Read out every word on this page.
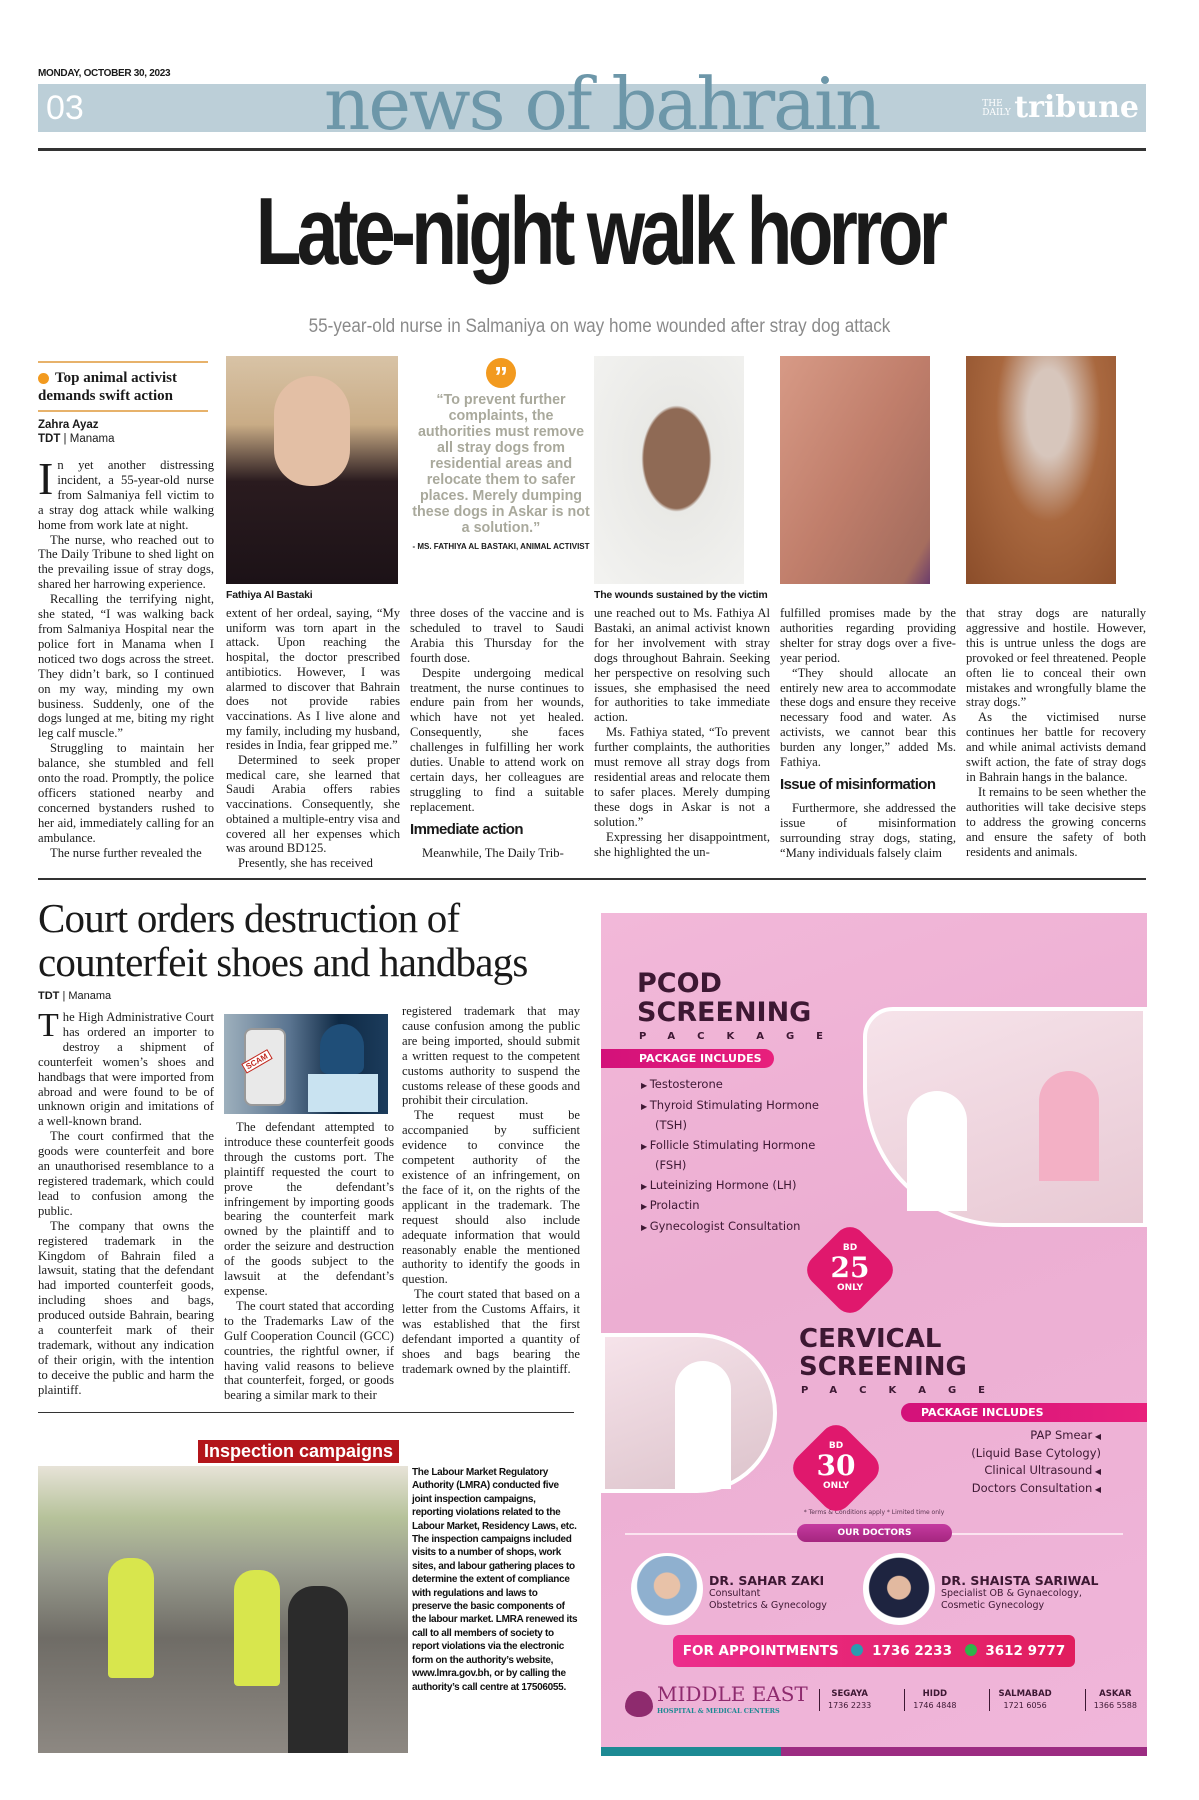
MONDAY, OCTOBER 30, 2023
03	news of bahrain	THE DAILY tribune
Late-night walk horror
55-year-old nurse in Salmaniya on way home wounded after stray dog attack
Top animal activist demands swift action
Zahra Ayaz
TDT | Manama

In yet another distressing incident, a 55-year-old nurse from Salmaniya fell victim to a stray dog attack while walking home from work late at night.

The nurse, who reached out to The Daily Tribune to shed light on the prevailing issue of stray dogs, shared her harrowing experience.

Recalling the terrifying night, she stated, “I was walking back from Salmaniya Hospital near the police fort in Manama when I noticed two dogs across the street. They didn’t bark, so I continued on my way, minding my own business. Suddenly, one of the dogs lunged at me, biting my right leg calf muscle.”

Struggling to maintain her balance, she stumbled and fell onto the road. Promptly, the police officers stationed nearby and concerned bystanders rushed to her aid, immediately calling for an ambulance.

The nurse further revealed the

Fathiya Al Bastaki

extent of her ordeal, saying, “My uniform was torn apart in the attack. Upon reaching the hospital, the doctor prescribed antibiotics. However, I was alarmed to discover that Bahrain does not provide rabies vaccinations. As I live alone and my family, including my husband, resides in India, fear gripped me.”

Determined to seek proper medical care, she learned that Saudi Arabia offers rabies vaccinations. Consequently, she obtained a multiple-entry visa and covered all her expenses which was around BD125.

Presently, she has received

”
“To prevent further complaints, the authorities must remove all stray dogs from residential areas and relocate them to safer places. Merely dumping these dogs in Askar is not a solution.”
- MS. FATHIYA AL BASTAKI, ANIMAL ACTIVIST

three doses of the vaccine and is scheduled to travel to Saudi Arabia this Thursday for the fourth dose.

Despite undergoing medical treatment, the nurse continues to endure pain from her wounds, which have not yet healed. Consequently, she faces challenges in fulfilling her work duties. Unable to attend work on certain days, her colleagues are struggling to find a suitable replacement.

Immediate action

Meanwhile, The Daily Trib-

The wounds sustained by the victim

une reached out to Ms. Fathiya Al Bastaki, an animal activist known for her involvement with stray dogs throughout Bahrain. Seeking her perspective on resolving such issues, she emphasised the need for authorities to take immediate action.

Ms. Fathiya stated, “To prevent further complaints, the authorities must remove all stray dogs from residential areas and relocate them to safer places. Merely dumping these dogs in Askar is not a solution.”

Expressing her disappointment, she highlighted the un-

fulfilled promises made by the authorities regarding providing shelter for stray dogs over a five-year period.

“They should allocate an entirely new area to accommodate these dogs and ensure they receive necessary food and water. As activists, we cannot bear this burden any longer,” added Ms. Fathiya.

Issue of misinformation

Furthermore, she addressed the issue of misinformation surrounding stray dogs, stating, “Many individuals falsely claim

that stray dogs are naturally aggressive and hostile. However, this is untrue unless the dogs are provoked or feel threatened. People often lie to conceal their own mistakes and wrongfully blame the stray dogs.”

As the victimised nurse continues her battle for recovery and while animal activists demand swift action, the fate of stray dogs in Bahrain hangs in the balance.

It remains to be seen whether the authorities will take decisive steps to address the growing concerns and ensure the safety of both residents and animals.

Court orders destruction of counterfeit shoes and handbags
TDT | Manama

The High Administrative Court has ordered an importer to destroy a shipment of counterfeit women’s shoes and handbags that were imported from abroad and were found to be of unknown origin and imitations of a well-known brand.

The court confirmed that the goods were counterfeit and bore an unauthorised resemblance to a registered trademark, which could lead to confusion among the public.

The company that owns the registered trademark in the Kingdom of Bahrain filed a lawsuit, stating that the defendant had imported counterfeit goods, including shoes and bags, produced outside Bahrain, bearing a counterfeit mark of their trademark, without any indication of their origin, with the intention to deceive the public and harm the plaintiff.

SCAM

The defendant attempted to introduce these counterfeit goods through the customs port. The plaintiff requested the court to prove the defendant’s infringement by importing goods bearing the counterfeit mark owned by the plaintiff and to order the seizure and destruction of the goods subject to the lawsuit at the defendant’s expense.

The court stated that according to the Trademarks Law of the Gulf Cooperation Council (GCC) countries, the rightful owner, if having valid reasons to believe that counterfeit, forged, or goods bearing a similar mark to their

registered trademark that may cause confusion among the public are being imported, should submit a written request to the competent customs authority to suspend the customs release of these goods and prohibit their circulation.

The request must be accompanied by sufficient evidence to convince the competent authority of the existence of an infringement, on the face of it, on the rights of the applicant in the trademark. The request should also include adequate information that would reasonably enable the mentioned authority to identify the goods in question.

The court stated that based on a letter from the Customs Affairs, it was established that the first defendant imported a quantity of shoes and bags bearing the trademark owned by the plaintiff.

Inspection campaigns
The Labour Market Regulatory Authority (LMRA) conducted five joint inspection campaigns, reporting violations related to the Labour Market, Residency Laws, etc. The inspection campaigns included visits to a number of shops, work sites, and labour gathering places to determine the extent of compliance with regulations and laws to preserve the basic components of the labour market. LMRA renewed its call to all members of society to report violations via the electronic form on the authority’s website, www.lmra.gov.bh, or by calling the authority’s call centre at 17506055.
PCOD
SCREENING
PACKAGE
PACKAGE INCLUDES
▶ Testosterone
▶ Thyroid Stimulating Hormone (TSH)
▶ Follicle Stimulating Hormone (FSH)
▶ Luteinizing Hormone (LH)
▶ Prolactin
▶ Gynecologist Consultation
BD
25
ONLY
CERVICAL
SCREENING
PACKAGE
PACKAGE INCLUDES
PAP Smear ◀
(Liquid Base Cytology)
Clinical Ultrasound ◀
Doctors Consultation ◀
BD
30
ONLY
* Terms & Conditions apply * Limited time only
OUR DOCTORS
DR. SAHAR ZAKI
Consultant
Obstetrics & Gynecology
DR. SHAISTA SARIWAL
Specialist OB & Gynaecology,
Cosmetic Gynecology
FOR APPOINTMENTS 1736 2233 3612 9777
MIDDLE EAST
HOSPITAL & MEDICAL CENTERS
SEGAYA
1736 2233
HIDD
1746 4848
SALMABAD
1721 6056
ASKAR
1366 5588
